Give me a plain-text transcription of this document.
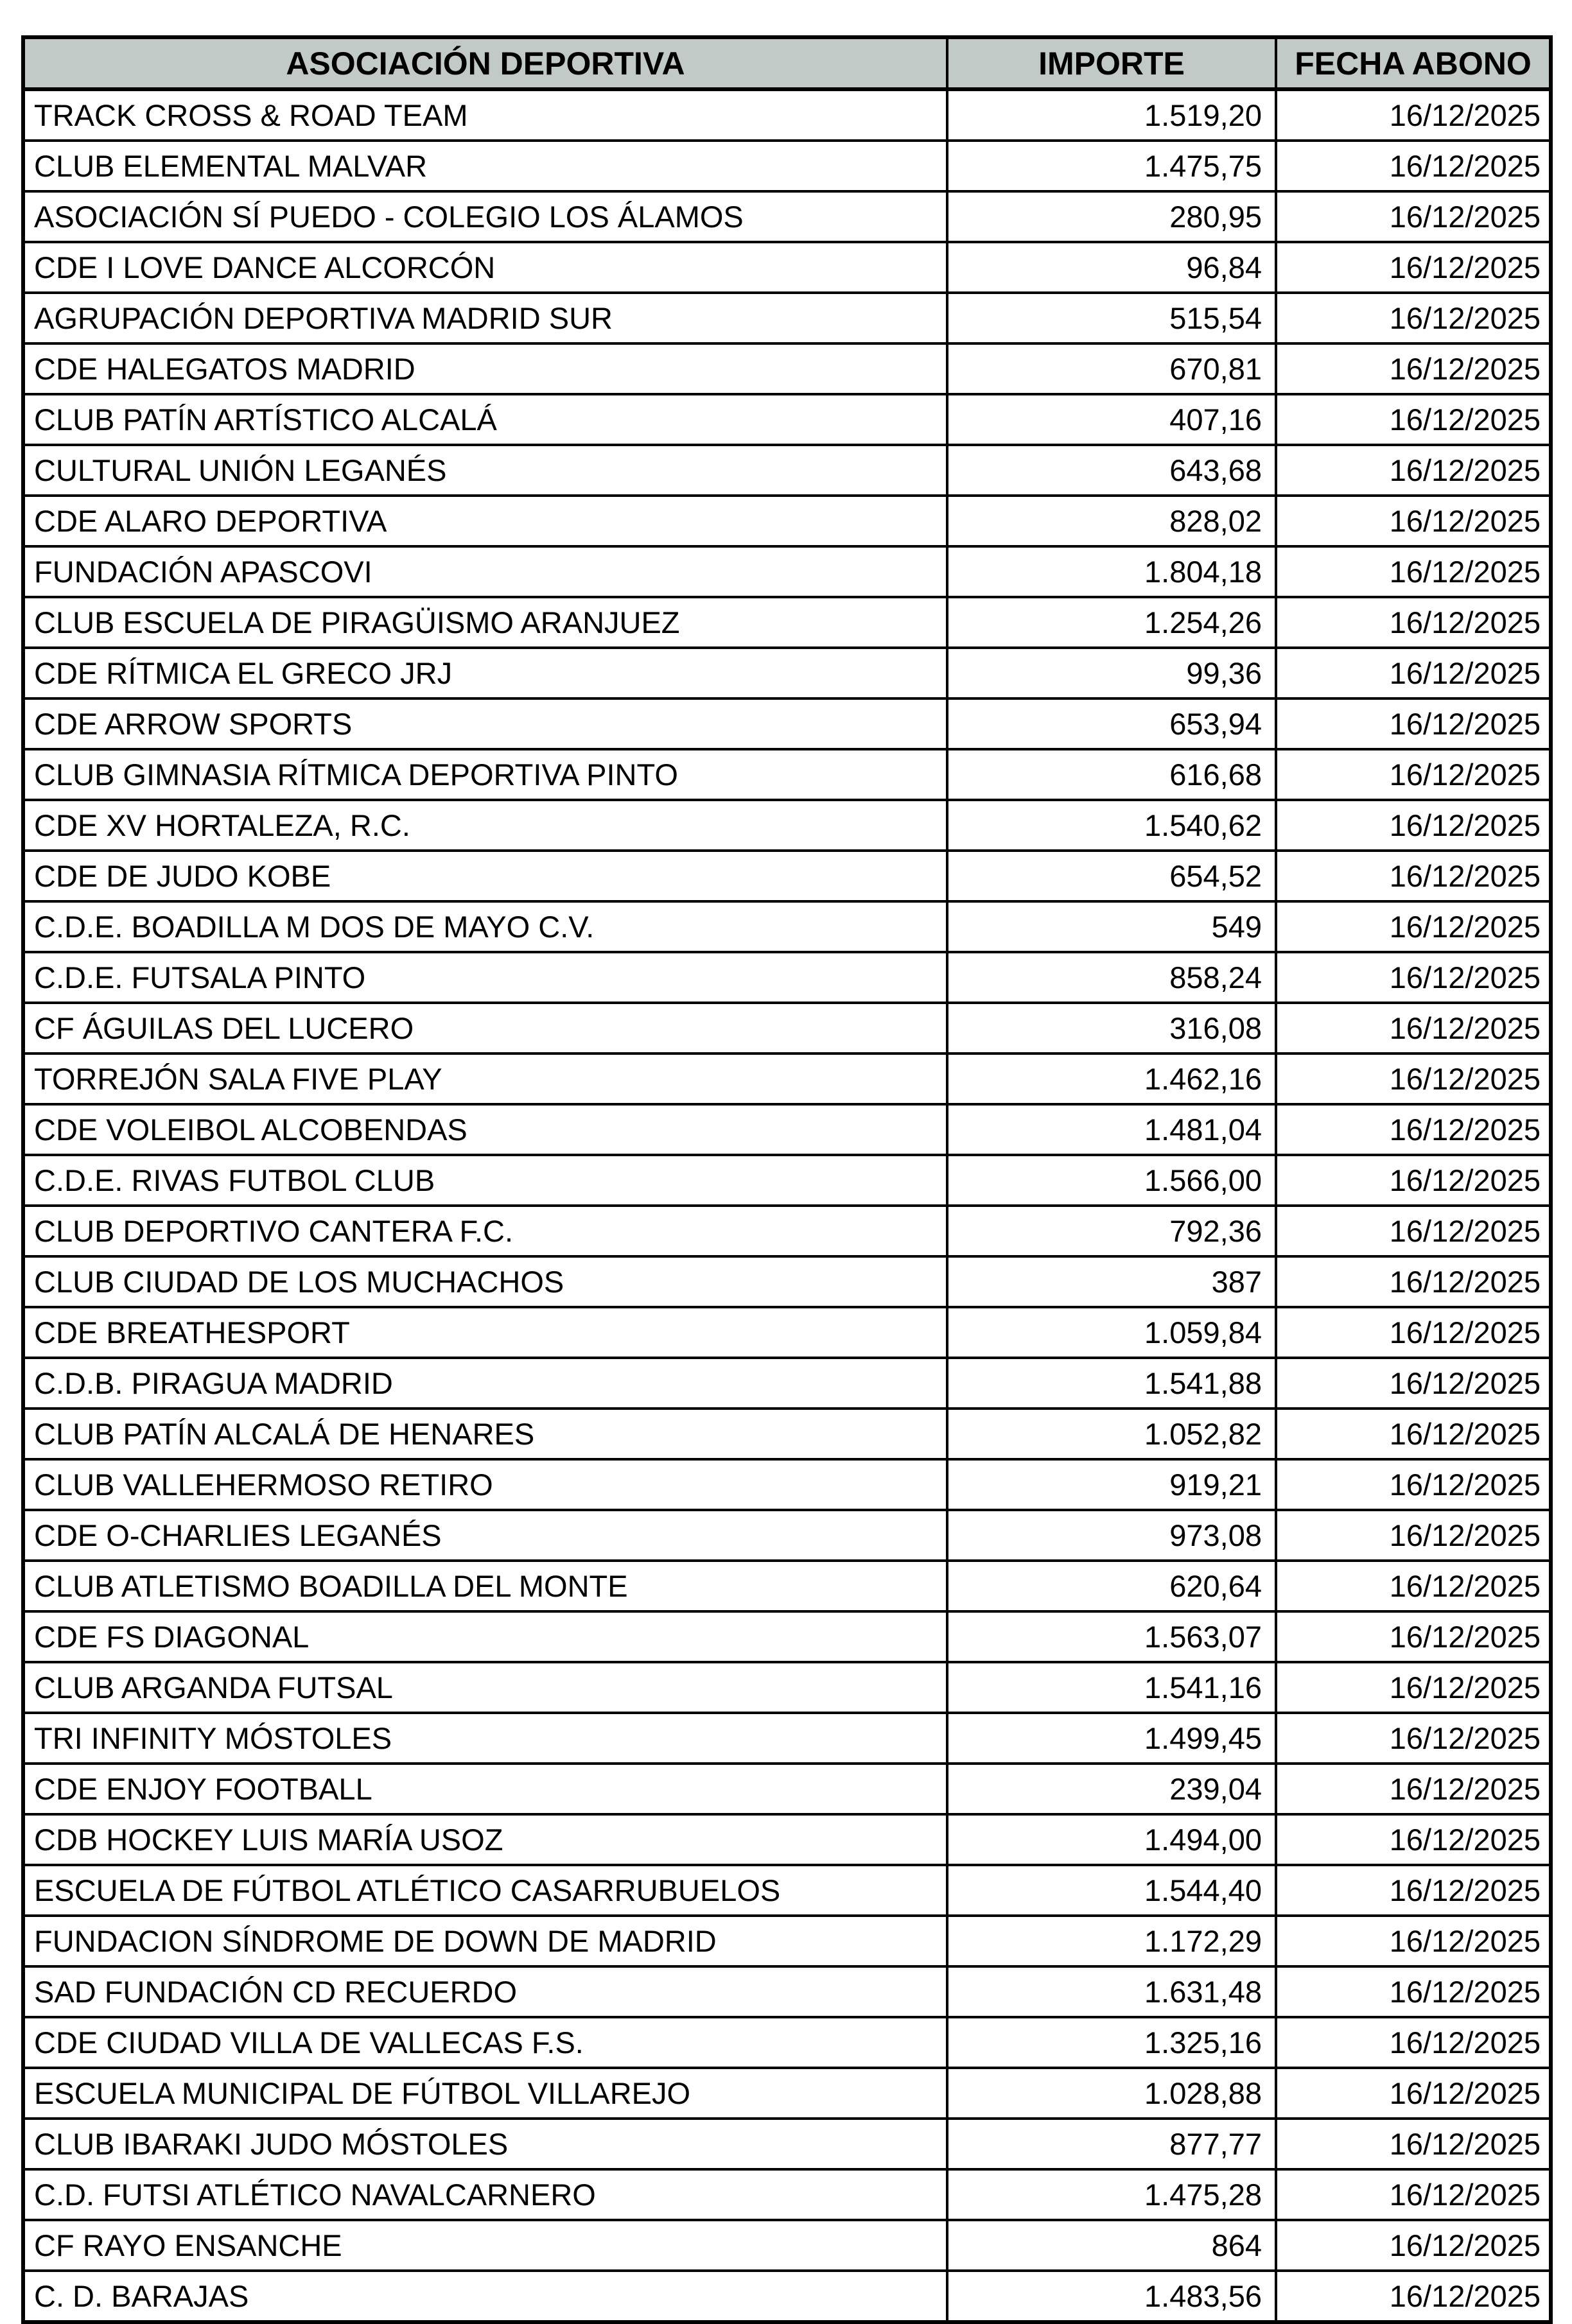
ASOCIACIÓN DEPORTIVA	IMPORTE	FECHA ABONO
TRACK CROSS & ROAD TEAM	1.519,20	16/12/2025
CLUB ELEMENTAL MALVAR	1.475,75	16/12/2025
ASOCIACIÓN SÍ PUEDO - COLEGIO LOS ÁLAMOS	280,95	16/12/2025
CDE I LOVE DANCE ALCORCÓN	96,84	16/12/2025
AGRUPACIÓN DEPORTIVA MADRID SUR	515,54	16/12/2025
CDE HALEGATOS MADRID	670,81	16/12/2025
CLUB PATÍN ARTÍSTICO ALCALÁ	407,16	16/12/2025
CULTURAL UNIÓN LEGANÉS	643,68	16/12/2025
CDE ALARO DEPORTIVA	828,02	16/12/2025
FUNDACIÓN APASCOVI	1.804,18	16/12/2025
CLUB ESCUELA DE PIRAGÜISMO ARANJUEZ	1.254,26	16/12/2025
CDE RÍTMICA EL GRECO JRJ	99,36	16/12/2025
CDE ARROW SPORTS	653,94	16/12/2025
CLUB GIMNASIA RÍTMICA DEPORTIVA PINTO	616,68	16/12/2025
CDE XV HORTALEZA, R.C.	1.540,62	16/12/2025
CDE DE JUDO KOBE	654,52	16/12/2025
C.D.E. BOADILLA M DOS DE MAYO C.V.	549	16/12/2025
C.D.E. FUTSALA PINTO	858,24	16/12/2025
CF ÁGUILAS DEL LUCERO	316,08	16/12/2025
TORREJÓN SALA FIVE PLAY	1.462,16	16/12/2025
CDE VOLEIBOL ALCOBENDAS	1.481,04	16/12/2025
C.D.E. RIVAS FUTBOL CLUB	1.566,00	16/12/2025
CLUB DEPORTIVO CANTERA F.C.	792,36	16/12/2025
CLUB CIUDAD DE LOS MUCHACHOS	387	16/12/2025
CDE BREATHESPORT	1.059,84	16/12/2025
C.D.B. PIRAGUA MADRID	1.541,88	16/12/2025
CLUB PATÍN ALCALÁ DE HENARES	1.052,82	16/12/2025
CLUB VALLEHERMOSO RETIRO	919,21	16/12/2025
CDE O-CHARLIES LEGANÉS	973,08	16/12/2025
CLUB ATLETISMO BOADILLA DEL MONTE	620,64	16/12/2025
CDE FS DIAGONAL	1.563,07	16/12/2025
CLUB ARGANDA FUTSAL	1.541,16	16/12/2025
TRI INFINITY MÓSTOLES	1.499,45	16/12/2025
CDE ENJOY FOOTBALL	239,04	16/12/2025
CDB HOCKEY LUIS MARÍA USOZ	1.494,00	16/12/2025
ESCUELA DE FÚTBOL ATLÉTICO CASARRUBUELOS	1.544,40	16/12/2025
FUNDACION SÍNDROME DE DOWN DE MADRID	1.172,29	16/12/2025
SAD FUNDACIÓN CD RECUERDO	1.631,48	16/12/2025
CDE CIUDAD VILLA DE VALLECAS F.S.	1.325,16	16/12/2025
ESCUELA MUNICIPAL DE FÚTBOL VILLAREJO	1.028,88	16/12/2025
CLUB IBARAKI JUDO MÓSTOLES	877,77	16/12/2025
C.D. FUTSI ATLÉTICO NAVALCARNERO	1.475,28	16/12/2025
CF RAYO ENSANCHE	864	16/12/2025
C. D. BARAJAS	1.483,56	16/12/2025
